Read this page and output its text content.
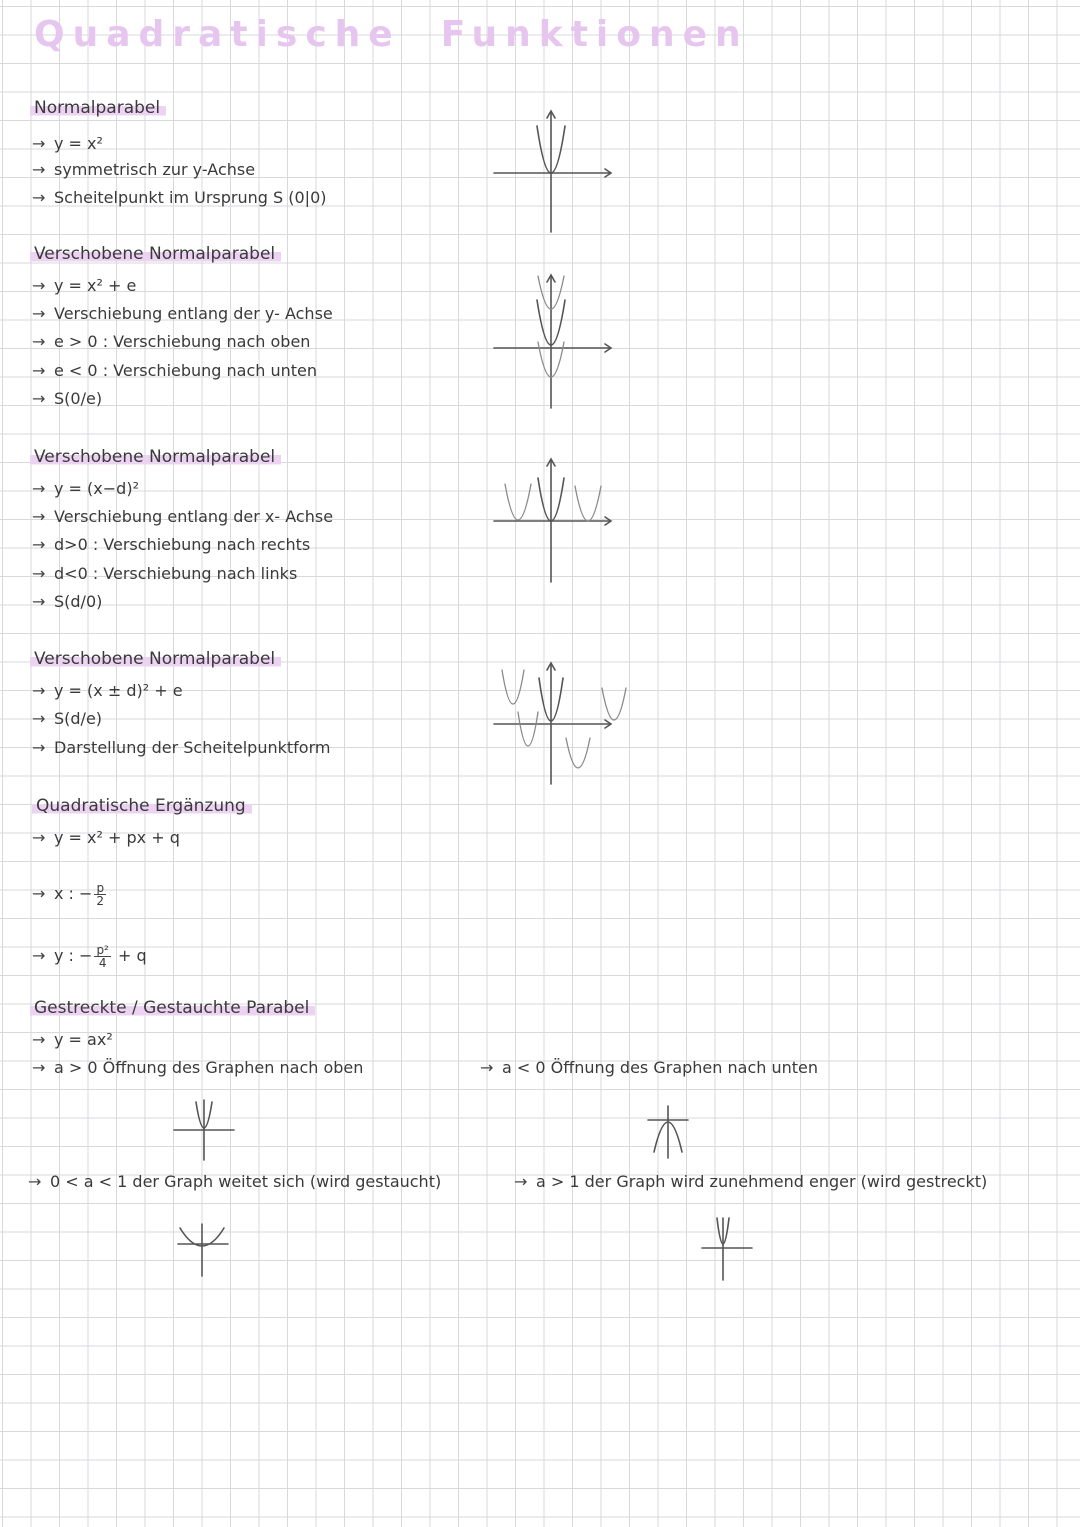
Quadratische Funktionen
Normalparabel
→ y = x²
→ symmetrisch zur y-Achse
→ Scheitelpunkt im Ursprung S (0|0)
Verschobene Normalparabel
→ y = x² + e
→ Verschiebung entlang der y- Achse
→ e > 0 : Verschiebung nach oben
→ e < 0 : Verschiebung nach unten
→ S(0/e)
Verschobene Normalparabel
→ y = (x−d)²
→ Verschiebung entlang der x- Achse
→ d>0 : Verschiebung nach rechts
→ d<0 : Verschiebung nach links
→ S(d/0)
Verschobene Normalparabel
→ y = (x ± d)² + e
→ S(d/e)
→ Darstellung der Scheitelpunktform
Quadratische Ergänzung
→ y = x² + px + q
→ x : − $\frac{p}{2}$
→ y : − $\frac{\text{p²}}{4} + q$
Gestreckte / Gestauchte Parabel
→ y = ax²
→ a > 0 Öffnung des Graphen nach oben	→ a < 0 Öffnung des Graphen nach unten
→ 0 < a < 1 der Graph weitet sich (wird gestaucht)	→ a > 1 der Graph wird zunehmend enger (wird gestreckt)
